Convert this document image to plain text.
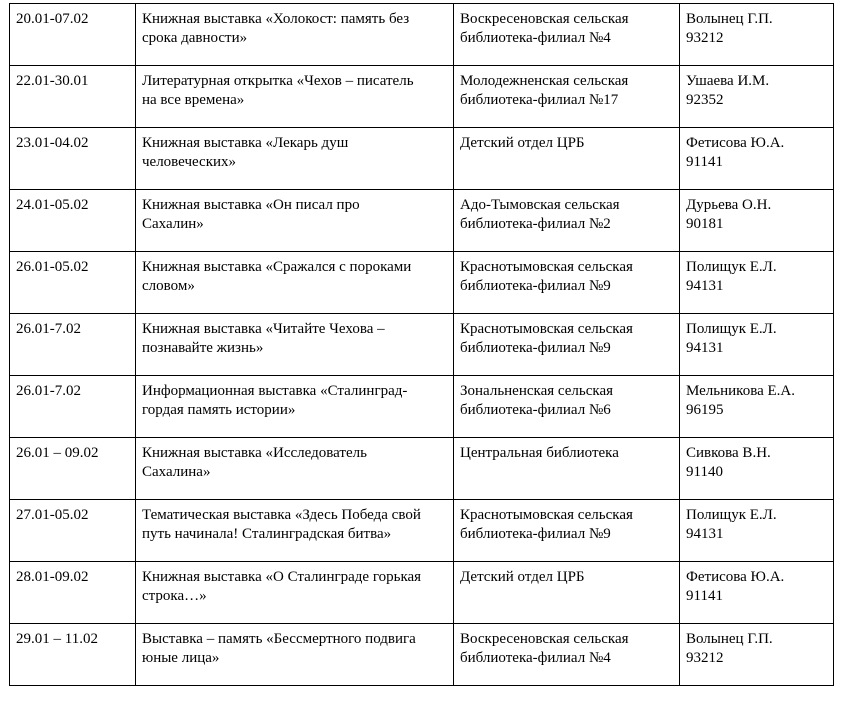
20.01-07.02	Книжная выставка «Холокост: память без
срока давности»	Воскресеновская сельская
библиотека-филиал №4	Волынец Г.П.
93212

22.01-30.01	Литературная открытка «Чехов – писатель
на все времена»	Молодежненская сельская
библиотека-филиал №17	Ушаева И.М.
92352

23.01-04.02	Книжная выставка «Лекарь душ
человеческих»	Детский отдел ЦРБ	Фетисова Ю.А.
91141

24.01-05.02	Книжная выставка «Он писал про
Сахалин»	Адо-Тымовская сельская
библиотека-филиал №2	Дурьева О.Н.
90181

26.01-05.02	Книжная выставка «Сражался с пороками
словом»	Краснотымовская сельская
библиотека-филиал №9	Полищук Е.Л.
94131

26.01-7.02	Книжная выставка «Читайте Чехова –
познавайте жизнь»	Краснотымовская сельская
библиотека-филиал №9	Полищук Е.Л.
94131

26.01-7.02	Информационная выставка «Сталинград-
гордая память истории»	Зональненская сельская
библиотека-филиал №6	Мельникова Е.А.
96195

26.01 – 09.02	Книжная выставка «Исследователь
Сахалина»	Центральная библиотека	Сивкова В.Н.
91140

27.01-05.02	Тематическая выставка «Здесь Победа свой
путь начинала! Сталинградская битва»	Краснотымовская сельская
библиотека-филиал №9	Полищук Е.Л.
94131

28.01-09.02	Книжная выставка «О Сталинграде горькая
строка…»	Детский отдел ЦРБ	Фетисова Ю.А.
91141

29.01 – 11.02	Выставка – память «Бессмертного подвига
юные лица»	Воскресеновская сельская
библиотека-филиал №4	Волынец Г.П.
93212
